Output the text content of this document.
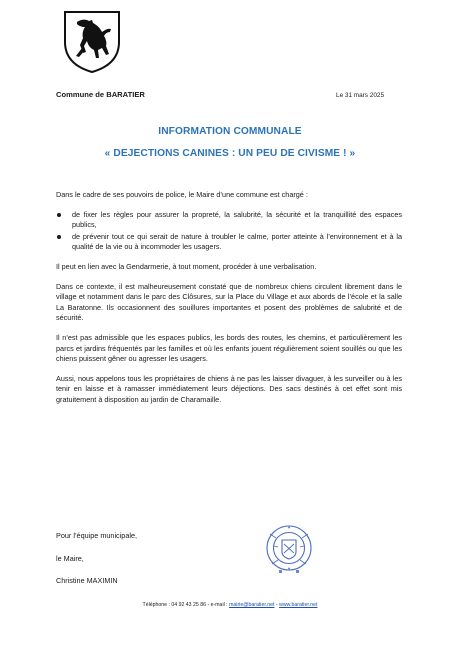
Commune de BARATIER	Le 31 mars 2025
INFORMATION COMMUNALE
« DEJECTIONS CANINES : UN PEU DE CIVISME ! »

Dans le cadre de ses pouvoirs de police, le Maire d’une commune est chargé :

de fixer les règles pour assurer la propreté, la salubrité, la sécurité et la tranquillité des espaces publics,
de prévenir tout ce qui serait de nature à troubler le calme, porter atteinte à l’environnement et à la qualité de la vie ou à incommoder les usagers.

Il peut en lien avec la Gendarmerie, à tout moment, procéder à une verbalisation.

Dans ce contexte, il est malheureusement constaté que de nombreux chiens circulent librement dans le village et notamment dans le parc des Clôsures, sur la Place du Village et aux abords de l’école et la salle La Baratonne. Ils occasionnent des souillures importantes et posent des problèmes de salubrité et de sécurité.

Il n’est pas admissible que les espaces publics, les bords des routes, les chemins, et particulièrement les parcs et jardins fréquentés par les familles et où les enfants jouent régulièrement soient souillés ou que les chiens puissent gêner ou agresser les usagers.

Aussi, nous appelons tous les propriétaires de chiens à ne pas les laisser divaguer, à les surveiller ou à les tenir en laisse et à ramasser immédiatement leurs déjections. Des sacs destinés à cet effet sont mis gratuitement à disposition au jardin de Charamaille.

Pour l’équipe municipale,
le Maire,
Christine MAXIMIN
Téléphone : 04 92 43 25 86 - e-mail : mairie@baratier.net - www.baratier.net
